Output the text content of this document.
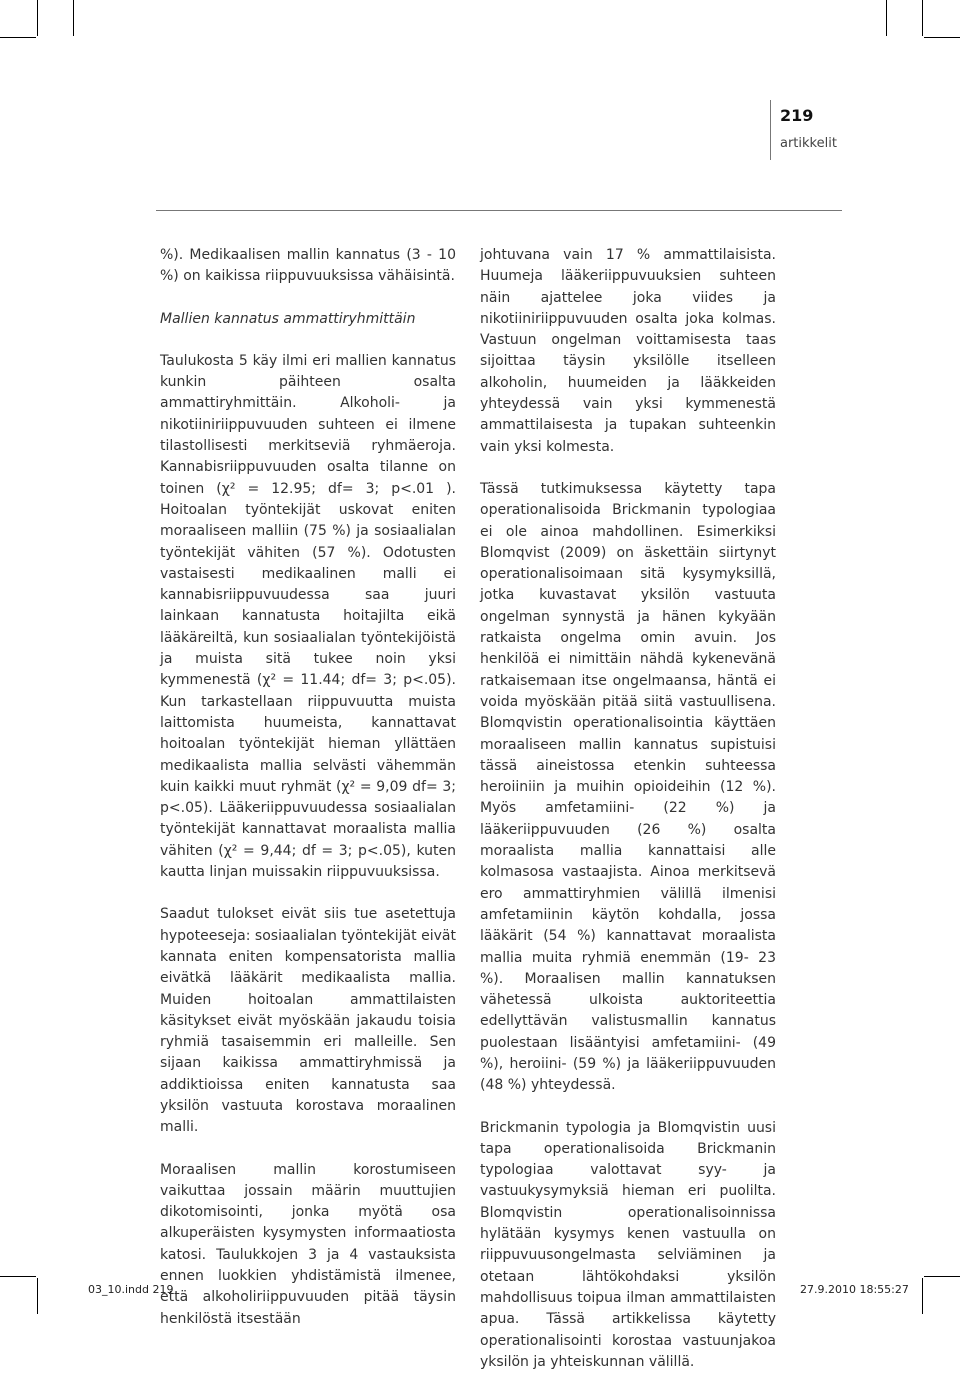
219
artikkelit

%). Medikaalisen mallin kannatus (3 - 10 %) on kaikissa riippuvuuksissa vähäisintä.

Mallien kannatus ammattiryhmittäin

Taulukosta 5 käy ilmi eri mallien kannatus kunkin päihteen osalta ammattiryhmittäin. Alkoholi- ja nikotiiniriippuvuuden suhteen ei ilmene tilastollisesti merkitseviä ryhmäeroja. Kannabisriippuvuuden osalta tilanne on toinen (χ² = 12.95; df= 3; p<.01 ). Hoitoalan työntekijät uskovat eniten moraaliseen malliin (75 %) ja sosiaalialan työntekijät vähiten (57 %). Odotusten vastaisesti medikaalinen malli ei kannabisriippuvuudessa saa juuri lainkaan kannatusta hoitajilta eikä lääkäreiltä, kun sosiaalialan työntekijöistä ja muista sitä tukee noin yksi kymmenestä (χ² = 11.44; df= 3; p<.05). Kun tarkastellaan riippuvuutta muista laittomista huumeista, kannattavat hoitoalan työntekijät hieman yllättäen medikaalista mallia selvästi vähemmän kuin kaikki muut ryhmät (χ² = 9,09 df= 3; p<.05). Lääkeriippuvuudessa sosiaalialan työntekijät kannattavat moraalista mallia vähiten (χ² = 9,44; df = 3; p<.05), kuten kautta linjan muissakin riippuvuuksissa.

Saadut tulokset eivät siis tue asetettuja hypoteeseja: sosiaalialan työntekijät eivät kannata eniten kompensatorista mallia eivätkä lääkärit medikaalista mallia. Muiden hoitoalan ammattilaisten käsitykset eivät myöskään jakaudu toisia ryhmiä tasaisemmin eri malleille. Sen sijaan kaikissa ammattiryhmissä ja addiktioissa eniten kannatusta saa yksilön vastuuta korostava moraalinen malli.

Moraalisen mallin korostumiseen vaikuttaa jossain määrin muuttujien dikotomisointi, jonka myötä osa alkuperäisten kysymysten informaatiosta katosi. Taulukkojen 3 ja 4 vastauksista ennen luokkien yhdistämistä ilmenee, että alkoholiriippuvuuden pitää täysin henkilöstä itsestään

johtuvana vain 17 % ammattilaisista. Huumeja lääkeriippuvuuksien suhteen näin ajattelee joka viides ja nikotiiniriippuvuuden osalta joka kolmas. Vastuun ongelman voittamisesta taas sijoittaa täysin yksilölle itselleen alkoholin, huumeiden ja lääkkeiden yhteydessä vain yksi kymmenestä ammattilaisesta ja tupakan suhteenkin vain yksi kolmesta.

Tässä tutkimuksessa käytetty tapa operationalisoida Brickmanin typologiaa ei ole ainoa mahdollinen. Esimerkiksi Blomqvist (2009) on äskettäin siirtynyt operationalisoimaan sitä kysymyksillä, jotka kuvastavat yksilön vastuuta ongelman synnystä ja hänen kykyään ratkaista ongelma omin avuin. Jos henkilöä ei nimittäin nähdä kykenevänä ratkaisemaan itse ongelmaansa, häntä ei voida myöskään pitää siitä vastuullisena. Blomqvistin operationalisointia käyttäen moraaliseen mallin kannatus supistuisi tässä aineistossa etenkin suhteessa heroiiniin ja muihin opioideihin (12 %). Myös amfetamiini- (22 %) ja lääkeriippuvuuden (26 %) osalta moraalista mallia kannattaisi alle kolmasosa vastaajista. Ainoa merkitsevä ero ammattiryhmien välillä ilmenisi amfetamiinin käytön kohdalla, jossa lääkärit (54 %) kannattavat moraalista mallia muita ryhmiä enemmän (19- 23 %). Moraalisen mallin kannatuksen vähetessä ulkoista auktoriteettia edellyttävän valistusmallin kannatus puolestaan lisääntyisi amfetamiini- (49 %), heroiini- (59 %) ja lääkeriippuvuuden (48 %) yhteydessä.

Brickmanin typologia ja Blomqvistin uusi tapa operationalisoida Brickmanin typologiaa valottavat syy- ja vastuukysymyksiä hieman eri puolilta. Blomqvistin operationalisoinnissa hylätään kysymys kenen vastuulla on riippuvuusongelmasta selviäminen ja otetaan lähtökohdaksi yksilön mahdollisuus toipua ilman ammattilaisten apua. Tässä artikkelissa käytetty operationalisointi korostaa vastuunjakoa yksilön ja yhteiskunnan välillä.

03_10.indd 219	27.9.2010 18:55:27
